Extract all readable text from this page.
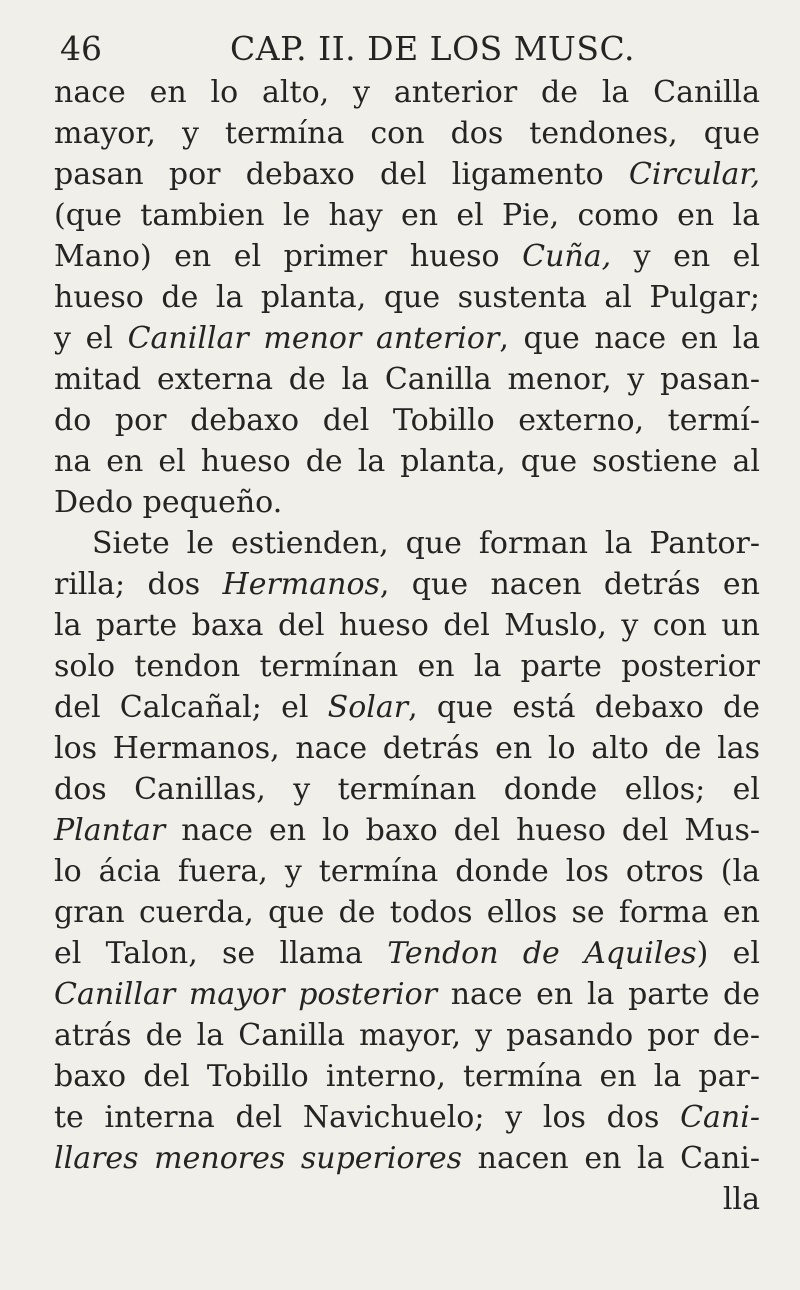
46	CAP. II. DE LOS MUSC.
nace en lo alto, y anterior de la Canilla
mayor, y termína con dos tendones, que
pasan por debaxo del ligamento Circular,
(que tambien le hay en el Pie, como en la
Mano) en el primer hueso Cuña, y en el
hueso de la planta, que sustenta al Pulgar;
y el Canillar menor anterior, que nace en la
mitad externa de la Canilla menor, y pasan-
do por debaxo del Tobillo externo, termí-
na en el hueso de la planta, que sostiene al
Dedo pequeño.
Siete le estienden, que forman la Pantor-
rilla; dos Hermanos, que nacen detrás en
la parte baxa del hueso del Muslo, y con un
solo tendon termínan en la parte posterior
del Calcañal; el Solar, que está debaxo de
los Hermanos, nace detrás en lo alto de las
dos Canillas, y termínan donde ellos; el
Plantar nace en lo baxo del hueso del Mus-
lo ácia fuera, y termína donde los otros (la
gran cuerda, que de todos ellos se forma en
el Talon, se llama Tendon de Aquiles) el
Canillar mayor posterior nace en la parte de
atrás de la Canilla mayor, y pasando por de-
baxo del Tobillo interno, termína en la par-
te interna del Navichuelo; y los dos Cani-
llares menores superiores nacen en la Cani-
lla
